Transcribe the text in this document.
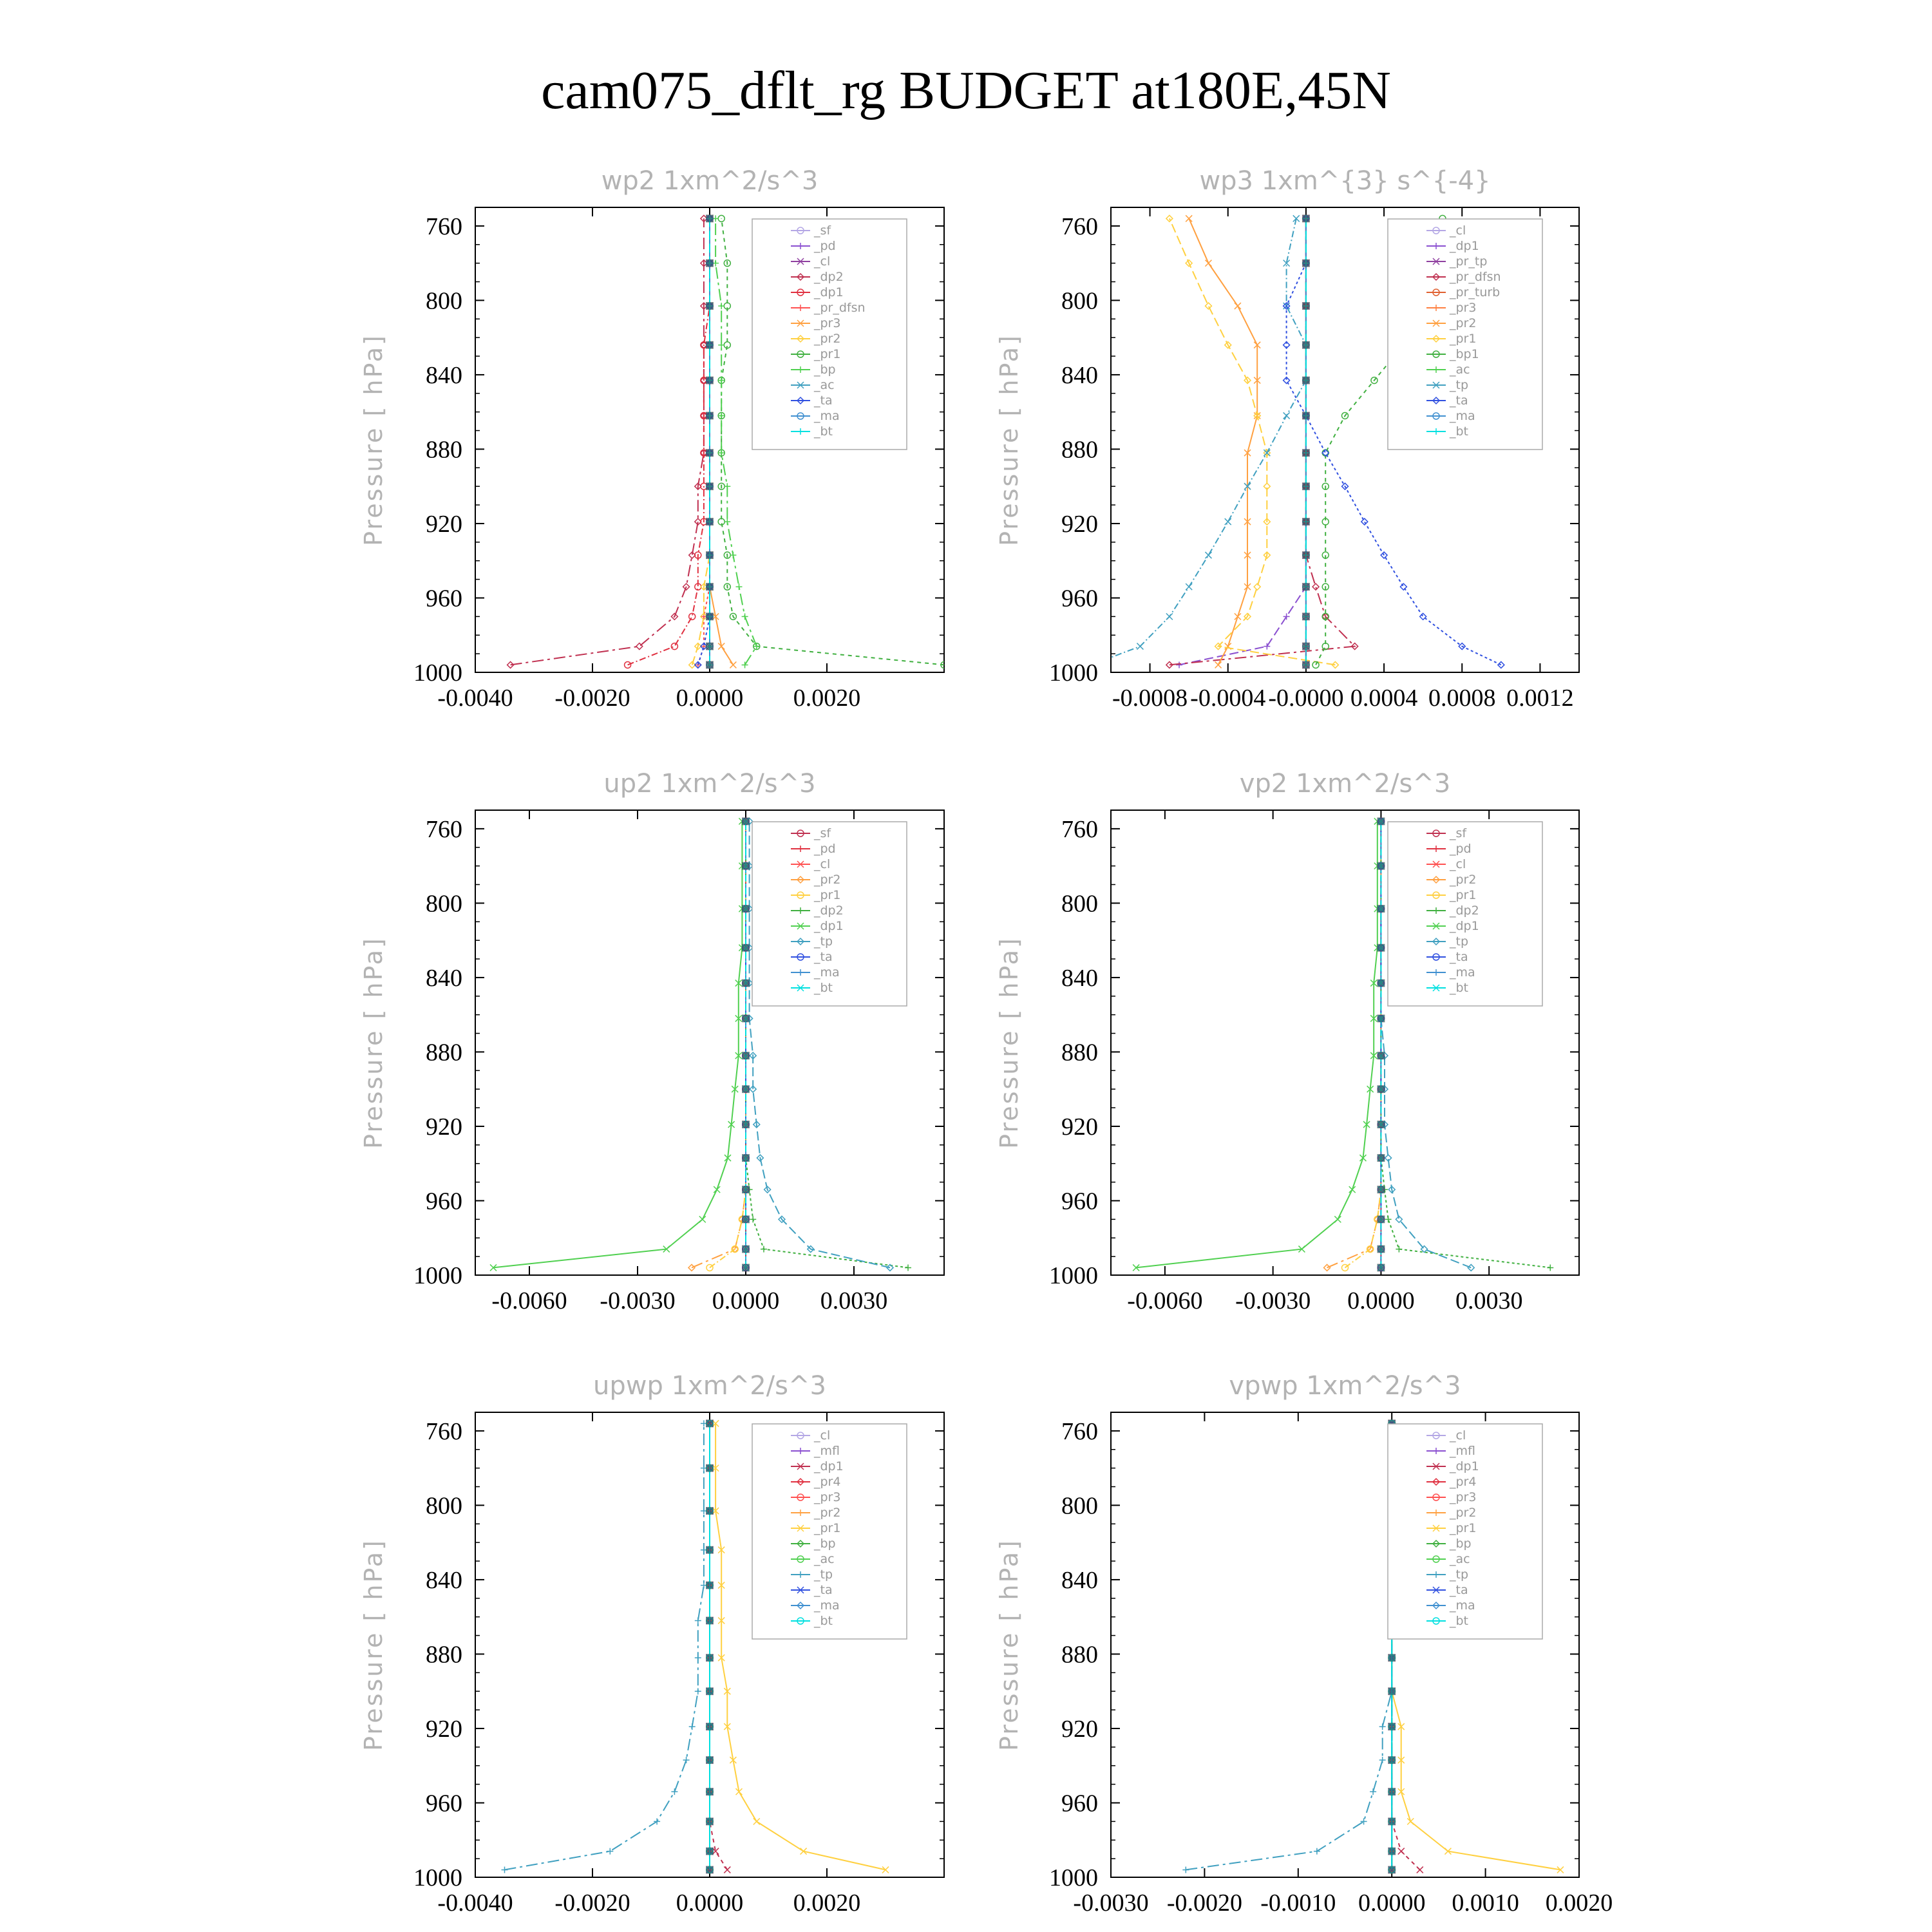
cam075_dflt_rg BUDGET at180E,45N
wp2 1xm^2/s^3
Pressure [ hPa]
760
800
840
880
920
960
1000
-0.0040 -0.0020 0.0000 0.0020
_sf
_pd
_cl
_dp2
_dp1
_pr_dfsn
_pr3
_pr2
_pr1
_bp
_ac
_ta
_ma
_bt
wp3 1xm^{3} s^{-4}
Pressure [ hPa]
760
800
840
880
920
960
1000
-0.0008 -0.0004 -0.0000 0.0004 0.0008 0.0012
_cl
_dp1
_pr_tp
_pr_dfsn
_pr_turb
_pr3
_pr2
_pr1
_bp1
_ac
_tp
_ta
_ma
_bt
up2 1xm^2/s^3
Pressure [ hPa]
760
800
840
880
920
960
1000
-0.0060 -0.0030 0.0000 0.0030
_sf
_pd
_cl
_pr2
_pr1
_dp2
_dp1
_tp
_ta
_ma
_bt
vp2 1xm^2/s^3
Pressure [ hPa]
760
800
840
880
920
960
1000
-0.0060 -0.0030 0.0000 0.0030
_sf
_pd
_cl
_pr2
_pr1
_dp2
_dp1
_tp
_ta
_ma
_bt
upwp 1xm^2/s^3
Pressure [ hPa]
760
800
840
880
920
960
1000
-0.0040 -0.0020 0.0000 0.0020
_cl
_mfl
_dp1
_pr4
_pr3
_pr2
_pr1
_bp
_ac
_tp
_ta
_ma
_bt
vpwp 1xm^2/s^3
Pressure [ hPa]
760
800
840
880
920
960
1000
-0.0030 -0.0020 -0.0010 0.0000 0.0010 0.0020
_cl
_mfl
_dp1
_pr4
_pr3
_pr2
_pr1
_bp
_ac
_tp
_ta
_ma
_bt
